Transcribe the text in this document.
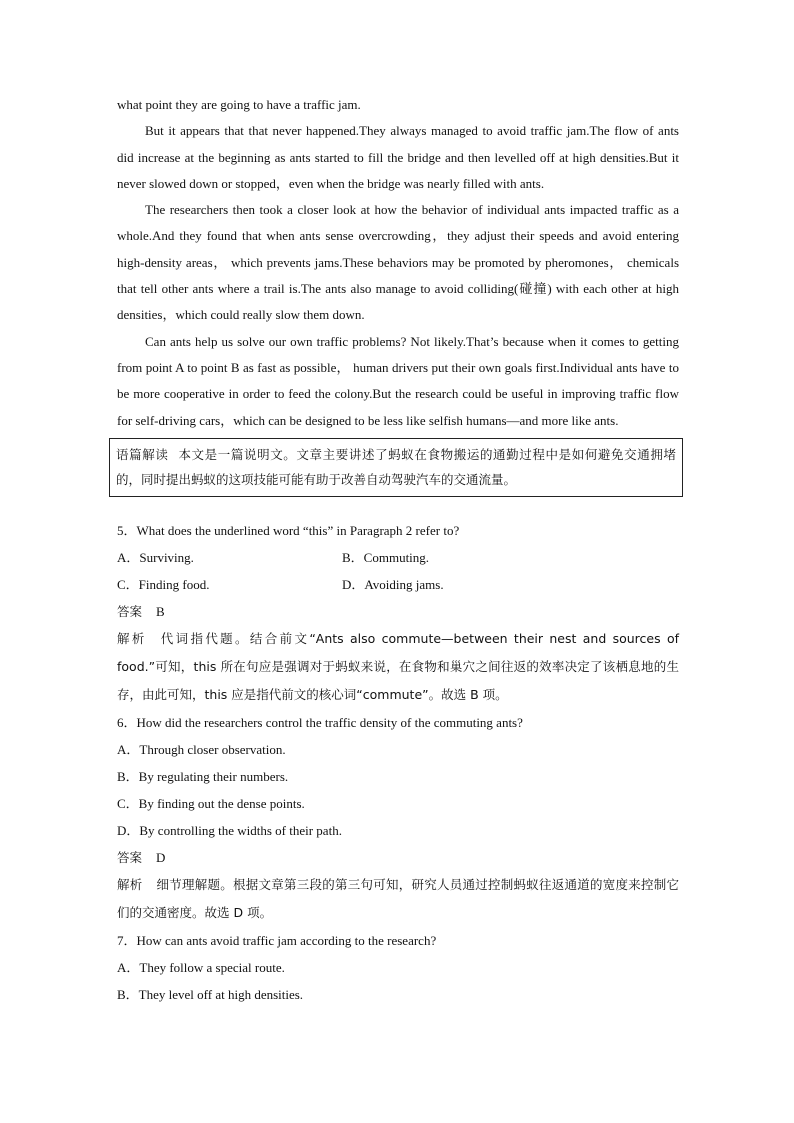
what point they are going to have a traffic jam.

But it appears that that never happened.They always managed to avoid traffic jam.The flow of ants did increase at the beginning as ants started to fill the bridge and then levelled off at high densities.But it never slowed down or stopped，even when the bridge was nearly filled with ants.

The researchers then took a closer look at how the behavior of individual ants impacted traffic as a whole.And they found that when ants sense overcrowding，they adjust their speeds and avoid entering high-density areas， which prevents jams.These behaviors may be promoted by pheromones， chemicals that tell other ants where a trail is.The ants also manage to avoid colliding(碰撞) with each other at high densities，which could really slow them down.

Can ants help us solve our own traffic problems? Not likely.That’s because when it comes to getting from point A to point B as fast as possible， human drivers put their own goals first.Individual ants have to be more cooperative in order to feed the colony.But the research could be useful in improving traffic flow for self-driving cars，which can be designed to be less like selfish humans—and more like ants.

语篇解读 本文是一篇说明文。文章主要讲述了蚂蚁在食物搬运的通勤过程中是如何避免交通拥堵的，同时提出蚂蚁的这项技能可能有助于改善自动驾驶汽车的交通流量。
5．What does the underlined word “this” in Paragraph 2 refer to?
A．Surviving.	B．Commuting.
C．Finding food.	D．Avoiding jams.
答案 B
解析 代词指代题。结合前文“Ants also commute—between their nest and sources of food.”可知，this 所在句应是强调对于蚂蚁来说，在食物和巢穴之间往返的效率决定了该栖息地的生存，由此可知，this 应是指代前文的核心词“commute”。故选 B 项。
6．How did the researchers control the traffic density of the commuting ants?
A．Through closer observation.
B．By regulating their numbers.
C．By finding out the dense points.
D．By controlling the widths of their path.
答案 D
解析 细节理解题。根据文章第三段的第三句可知，研究人员通过控制蚂蚁往返通道的宽度来控制它们的交通密度。故选 D 项。
7．How can ants avoid traffic jam according to the research?
A．They follow a special route.
B．They level off at high densities.
